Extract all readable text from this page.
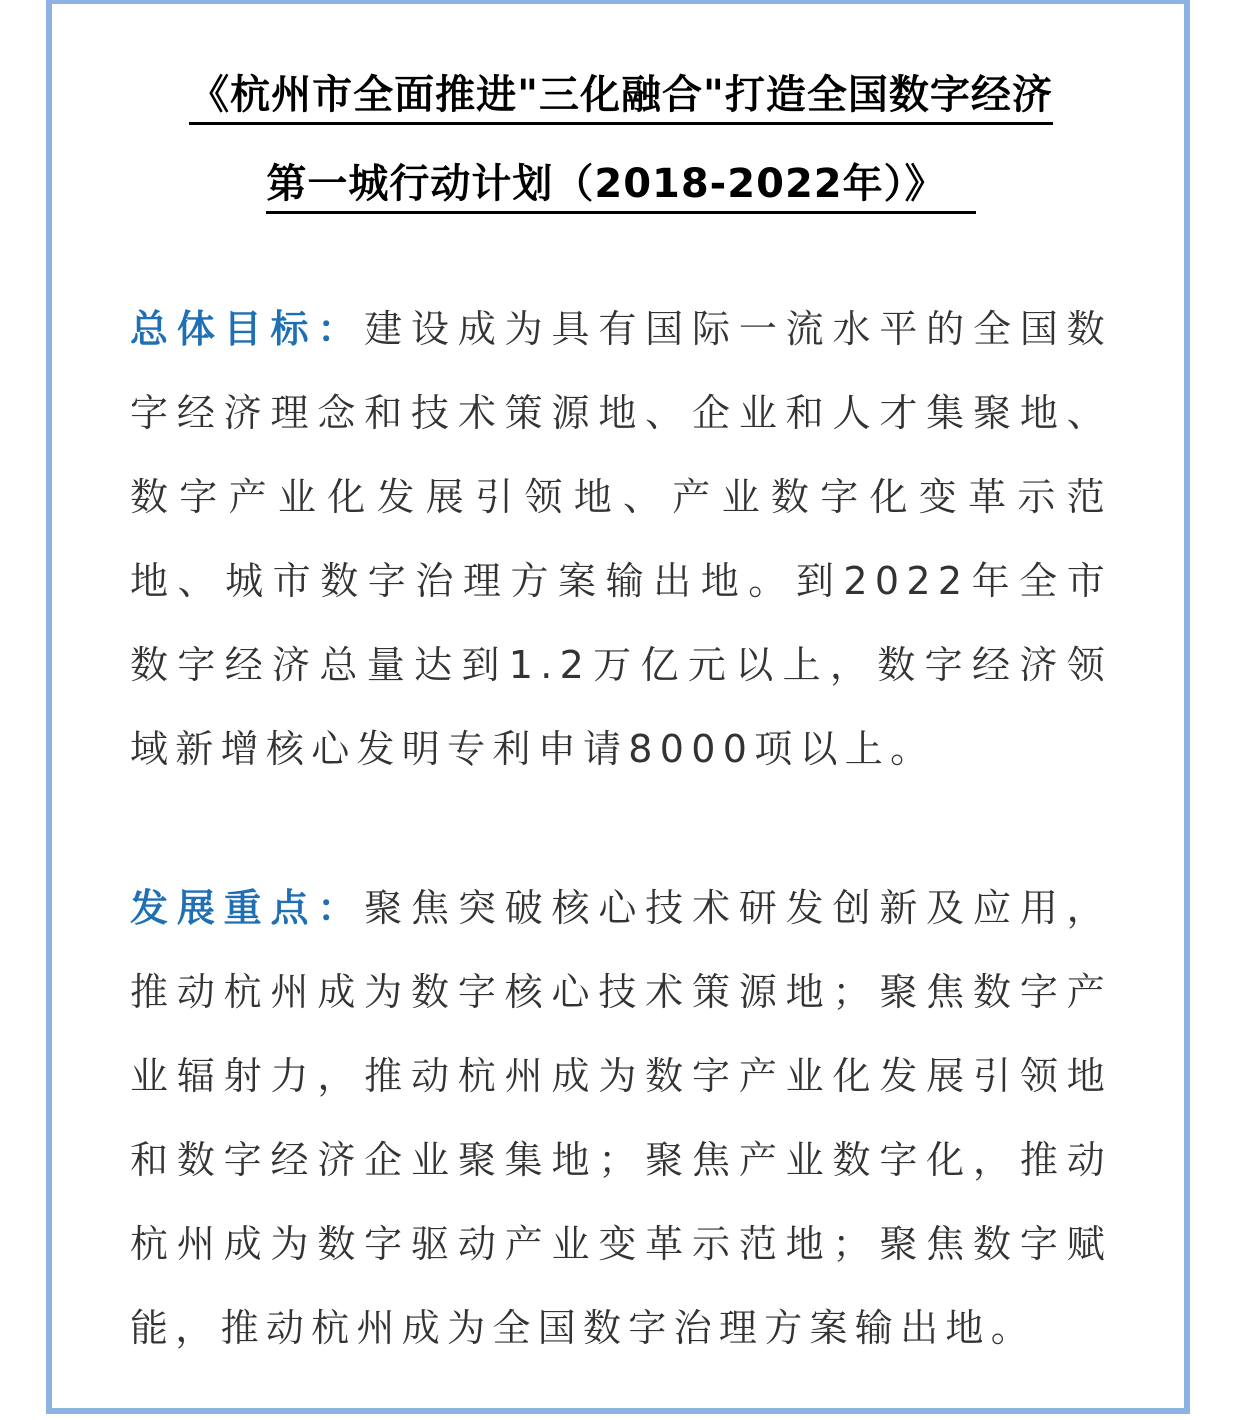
《杭州市全面推进"三化融合"打造全国数字经济
第一城行动计划（2018-2022年）》

总体目标：建设成为具有国际一流水平的全国数字经济理念和技术策源地、企业和人才集聚地、数字产业化发展引领地、产业数字化变革示范地、城市数字治理方案输出地。到2022年全市数字经济总量达到1.2万亿元以上，数字经济领域新增核心发明专利申请8000项以上。

发展重点：聚焦突破核心技术研发创新及应用，推动杭州成为数字核心技术策源地；聚焦数字产业辐射力，推动杭州成为数字产业化发展引领地和数字经济企业聚集地；聚焦产业数字化，推动杭州成为数字驱动产业变革示范地；聚焦数字赋能，推动杭州成为全国数字治理方案输出地。
